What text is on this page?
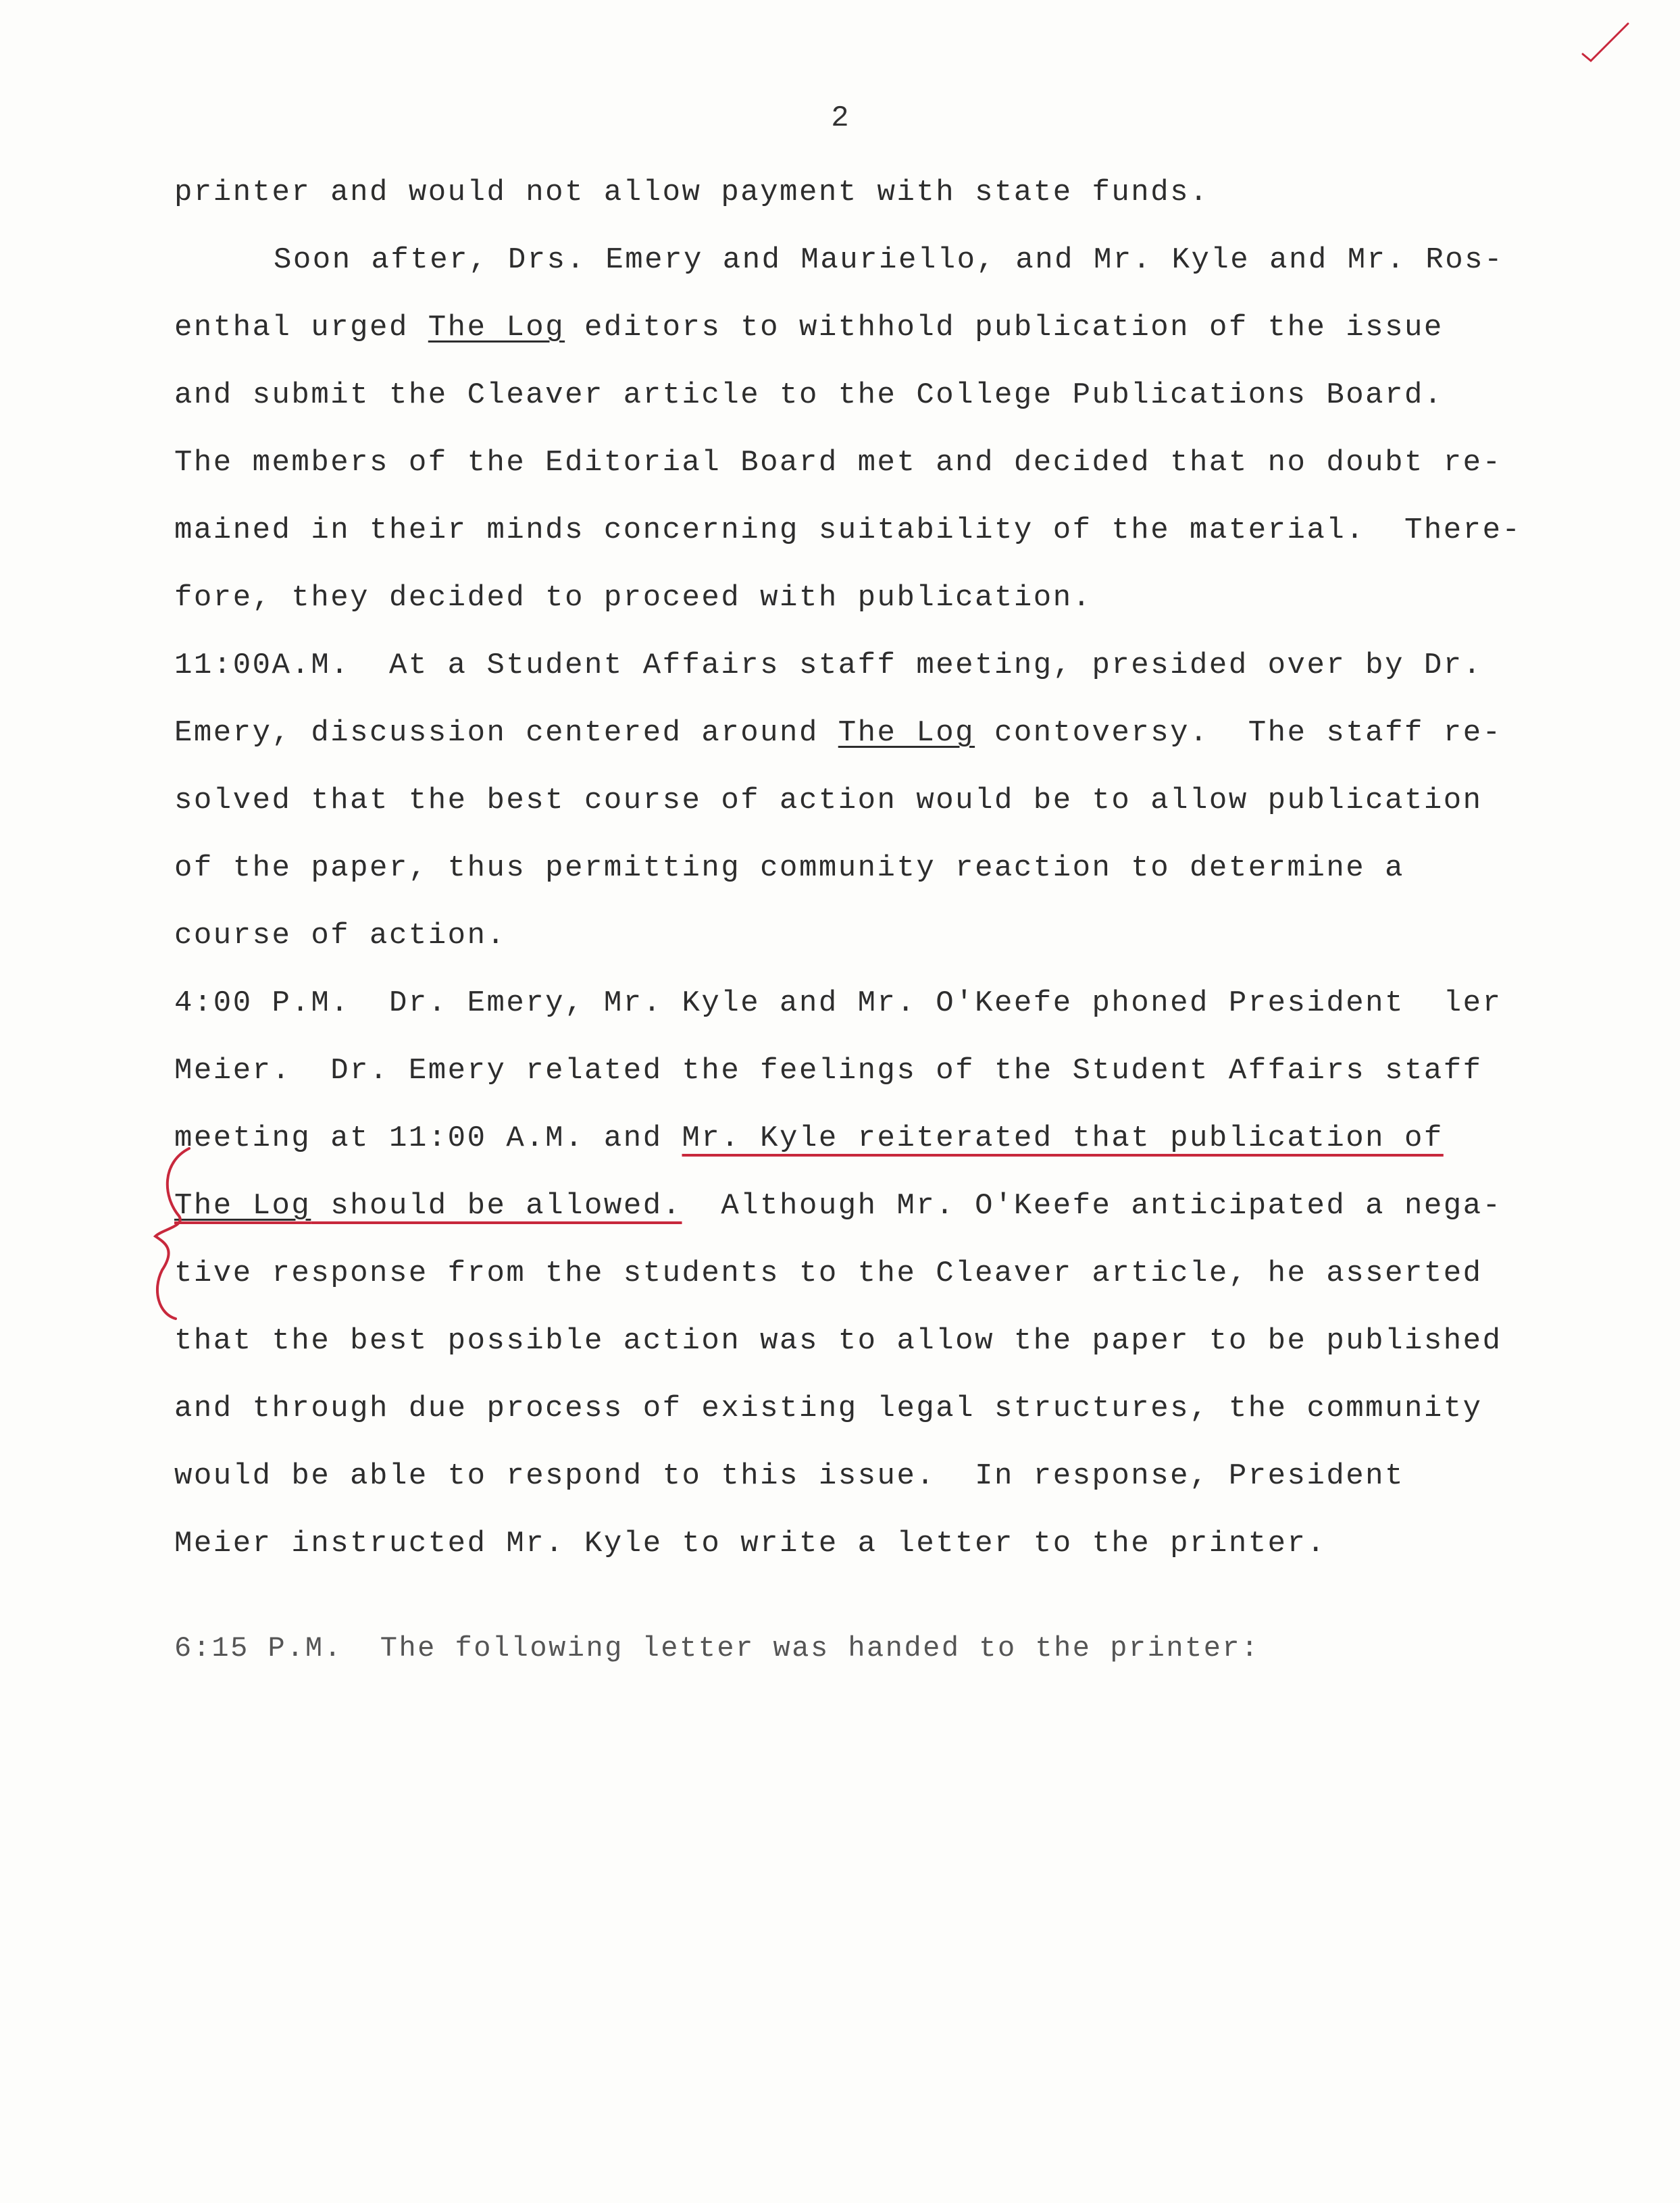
2

printer and would not allow payment with state funds.

Soon after, Drs. Emery and Mauriello, and Mr. Kyle and Mr. Ros-

enthal urged The Log editors to withhold publication of the issue

and submit the Cleaver article to the College Publications Board.

The members of the Editorial Board met and decided that no doubt re-

mained in their minds concerning suitability of the material.  There-

fore, they decided to proceed with publication.

11:00A.M.  At a Student Affairs staff meeting, presided over by Dr.

Emery, discussion centered around The Log contoversy.  The staff re-

solved that the best course of action would be to allow publication

of the paper, thus permitting community reaction to determine a

course of action.

4:00 P.M.  Dr. Emery, Mr. Kyle and Mr. O'Keefe phoned President  ler

Meier.  Dr. Emery related the feelings of the Student Affairs staff

meeting at 11:00 A.M. and Mr. Kyle reiterated that publication of

The Log should be allowed.  Although Mr. O'Keefe anticipated a nega-

tive response from the students to the Cleaver article, he asserted

that the best possible action was to allow the paper to be published

and through due process of existing legal structures, the community

would be able to respond to this issue.  In response, President

Meier instructed Mr. Kyle to write a letter to the printer.

6:15 P.M.  The following letter was handed to the printer:
